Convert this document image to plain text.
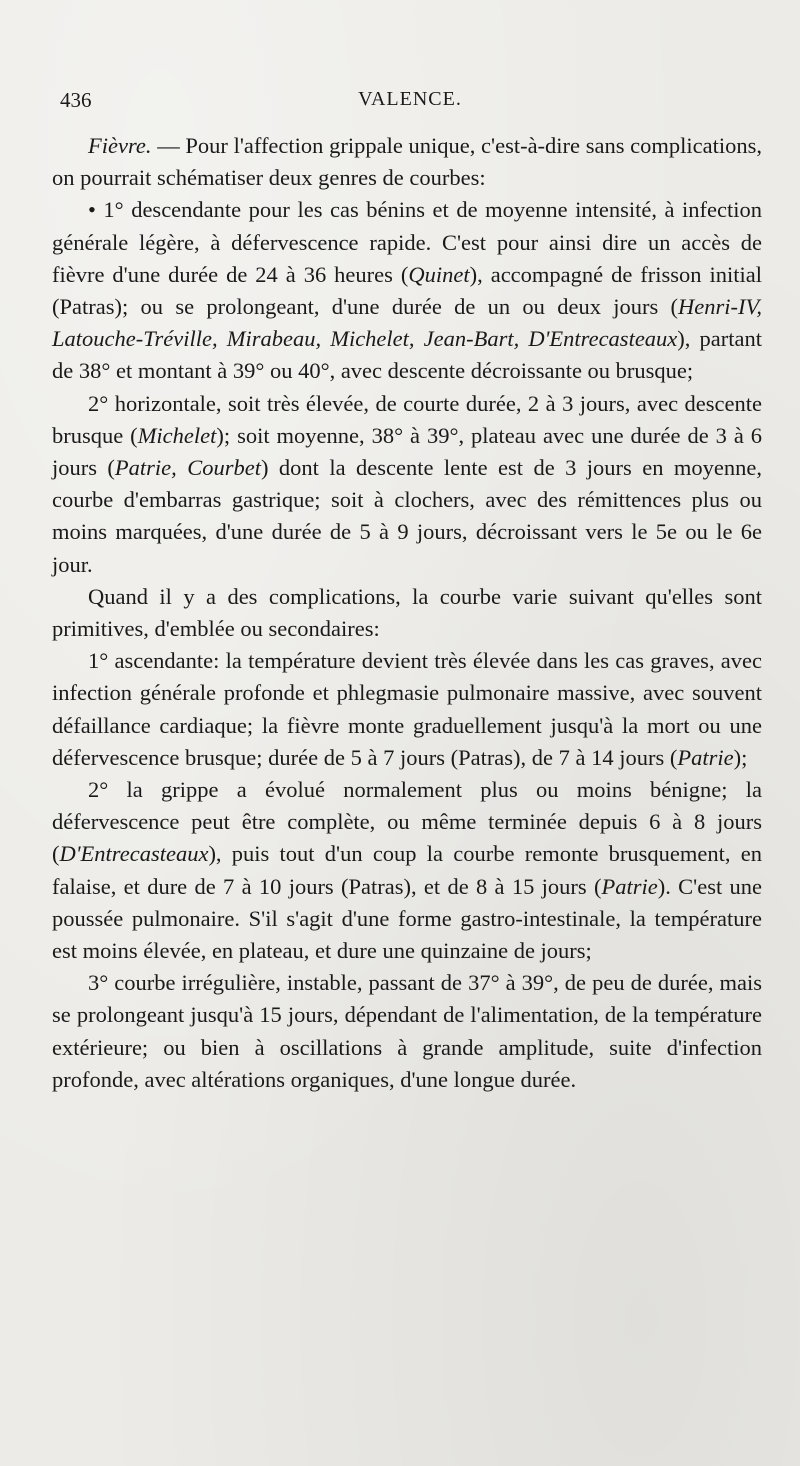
436	VALENCE.

Fièvre. — Pour l'affection grippale unique, c'est-à-dire sans complications, on pourrait schématiser deux genres de courbes:

• 1° descendante pour les cas bénins et de moyenne intensité, à infection générale légère, à défervescence rapide. C'est pour ainsi dire un accès de fièvre d'une durée de 24 à 36 heures (Quinet), accompagné de frisson initial (Patras); ou se prolongeant, d'une durée de un ou deux jours (Henri-IV, Latouche-Tréville, Mirabeau, Michelet, Jean-Bart, D'Entrecasteaux), partant de 38° et montant à 39° ou 40°, avec descente décroissante ou brusque;

2° horizontale, soit très élevée, de courte durée, 2 à 3 jours, avec descente brusque (Michelet); soit moyenne, 38° à 39°, plateau avec une durée de 3 à 6 jours (Patrie, Courbet) dont la descente lente est de 3 jours en moyenne, courbe d'embarras gastrique; soit à clochers, avec des rémittences plus ou moins marquées, d'une durée de 5 à 9 jours, décroissant vers le 5e ou le 6e jour.

Quand il y a des complications, la courbe varie suivant qu'elles sont primitives, d'emblée ou secondaires:

1° ascendante: la température devient très élevée dans les cas graves, avec infection générale profonde et phlegmasie pulmonaire massive, avec souvent défaillance cardiaque; la fièvre monte graduellement jusqu'à la mort ou une défervescence brusque; durée de 5 à 7 jours (Patras), de 7 à 14 jours (Patrie);

2° la grippe a évolué normalement plus ou moins bénigne; la défervescence peut être complète, ou même terminée depuis 6 à 8 jours (D'Entrecasteaux), puis tout d'un coup la courbe remonte brusquement, en falaise, et dure de 7 à 10 jours (Patras), et de 8 à 15 jours (Patrie). C'est une poussée pulmonaire. S'il s'agit d'une forme gastro-intestinale, la température est moins élevée, en plateau, et dure une quinzaine de jours;

3° courbe irrégulière, instable, passant de 37° à 39°, de peu de durée, mais se prolongeant jusqu'à 15 jours, dépendant de l'alimentation, de la température extérieure; ou bien à oscillations à grande amplitude, suite d'infection profonde, avec altérations organiques, d'une longue durée.
